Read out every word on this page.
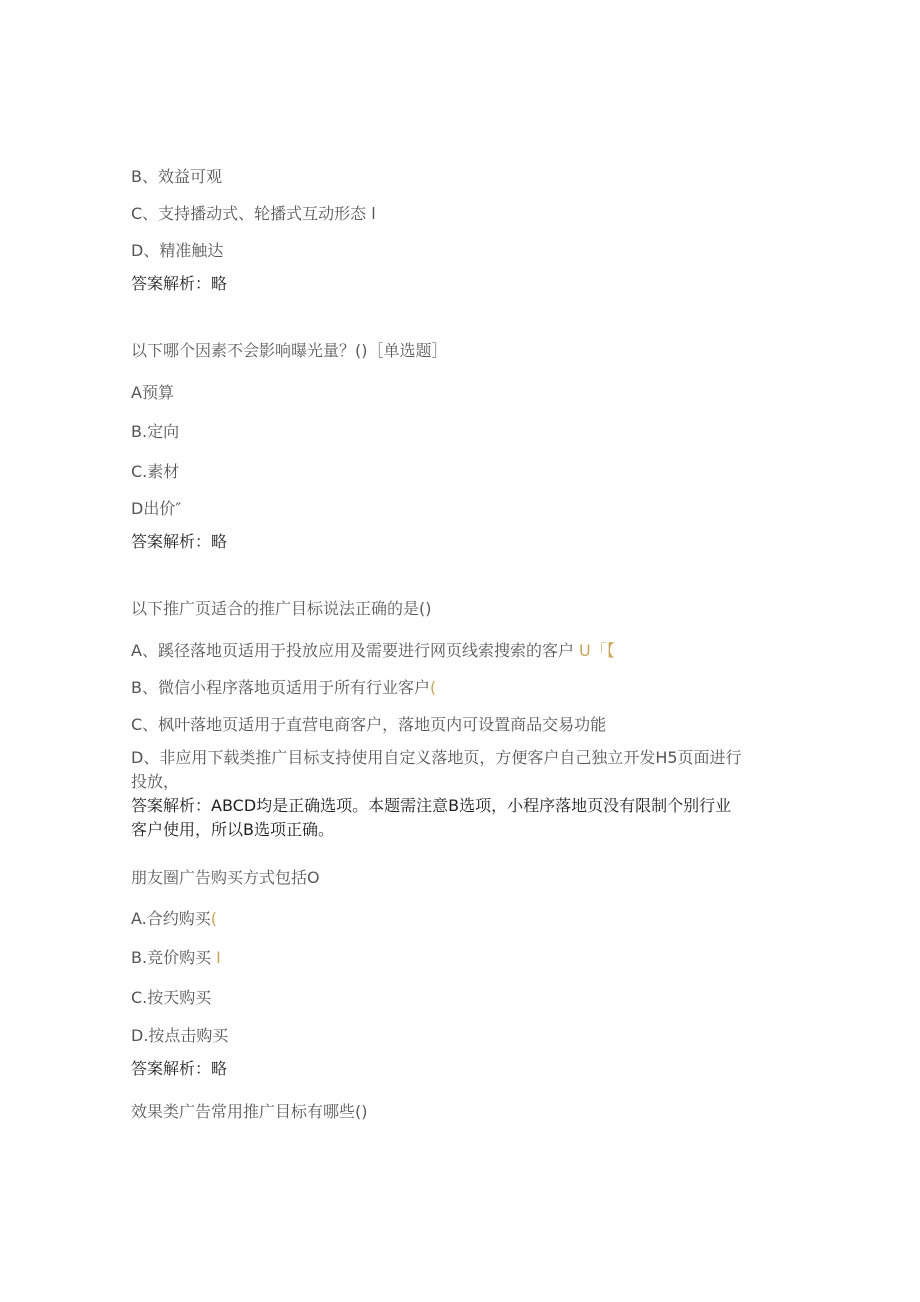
B、效益可观

C、支持播动式、轮播式互动形态 l

D、精准触达

答案解析：略

以下哪个因素不会影响曝光量？()［单选题］

A预算

B.定向

C.素材

D出价″

答案解析：略

以下推广页适合的推广目标说法正确的是()

A、蹊径落地页适用于投放应用及需要进行网页线索搜索的客户 U「【

B、微信小程序落地页适用于所有行业客户(

C、枫叶落地页适用于直营电商客户，落地页内可设置商品交易功能

D、非应用下载类推广目标支持使用自定义落地页，方便客户自己独立开发H5页面进行

投放，

答案解析：ABCD均是正确选项。本题需注意B选项，小程序落地页没有限制个别行业

客户使用，所以B选项正确。

朋友圈广告购买方式包括O

A.合约购买(

B.竞价购买 I

C.按天购买

D.按点击购买

答案解析：略

效果类广告常用推广目标有哪些()
